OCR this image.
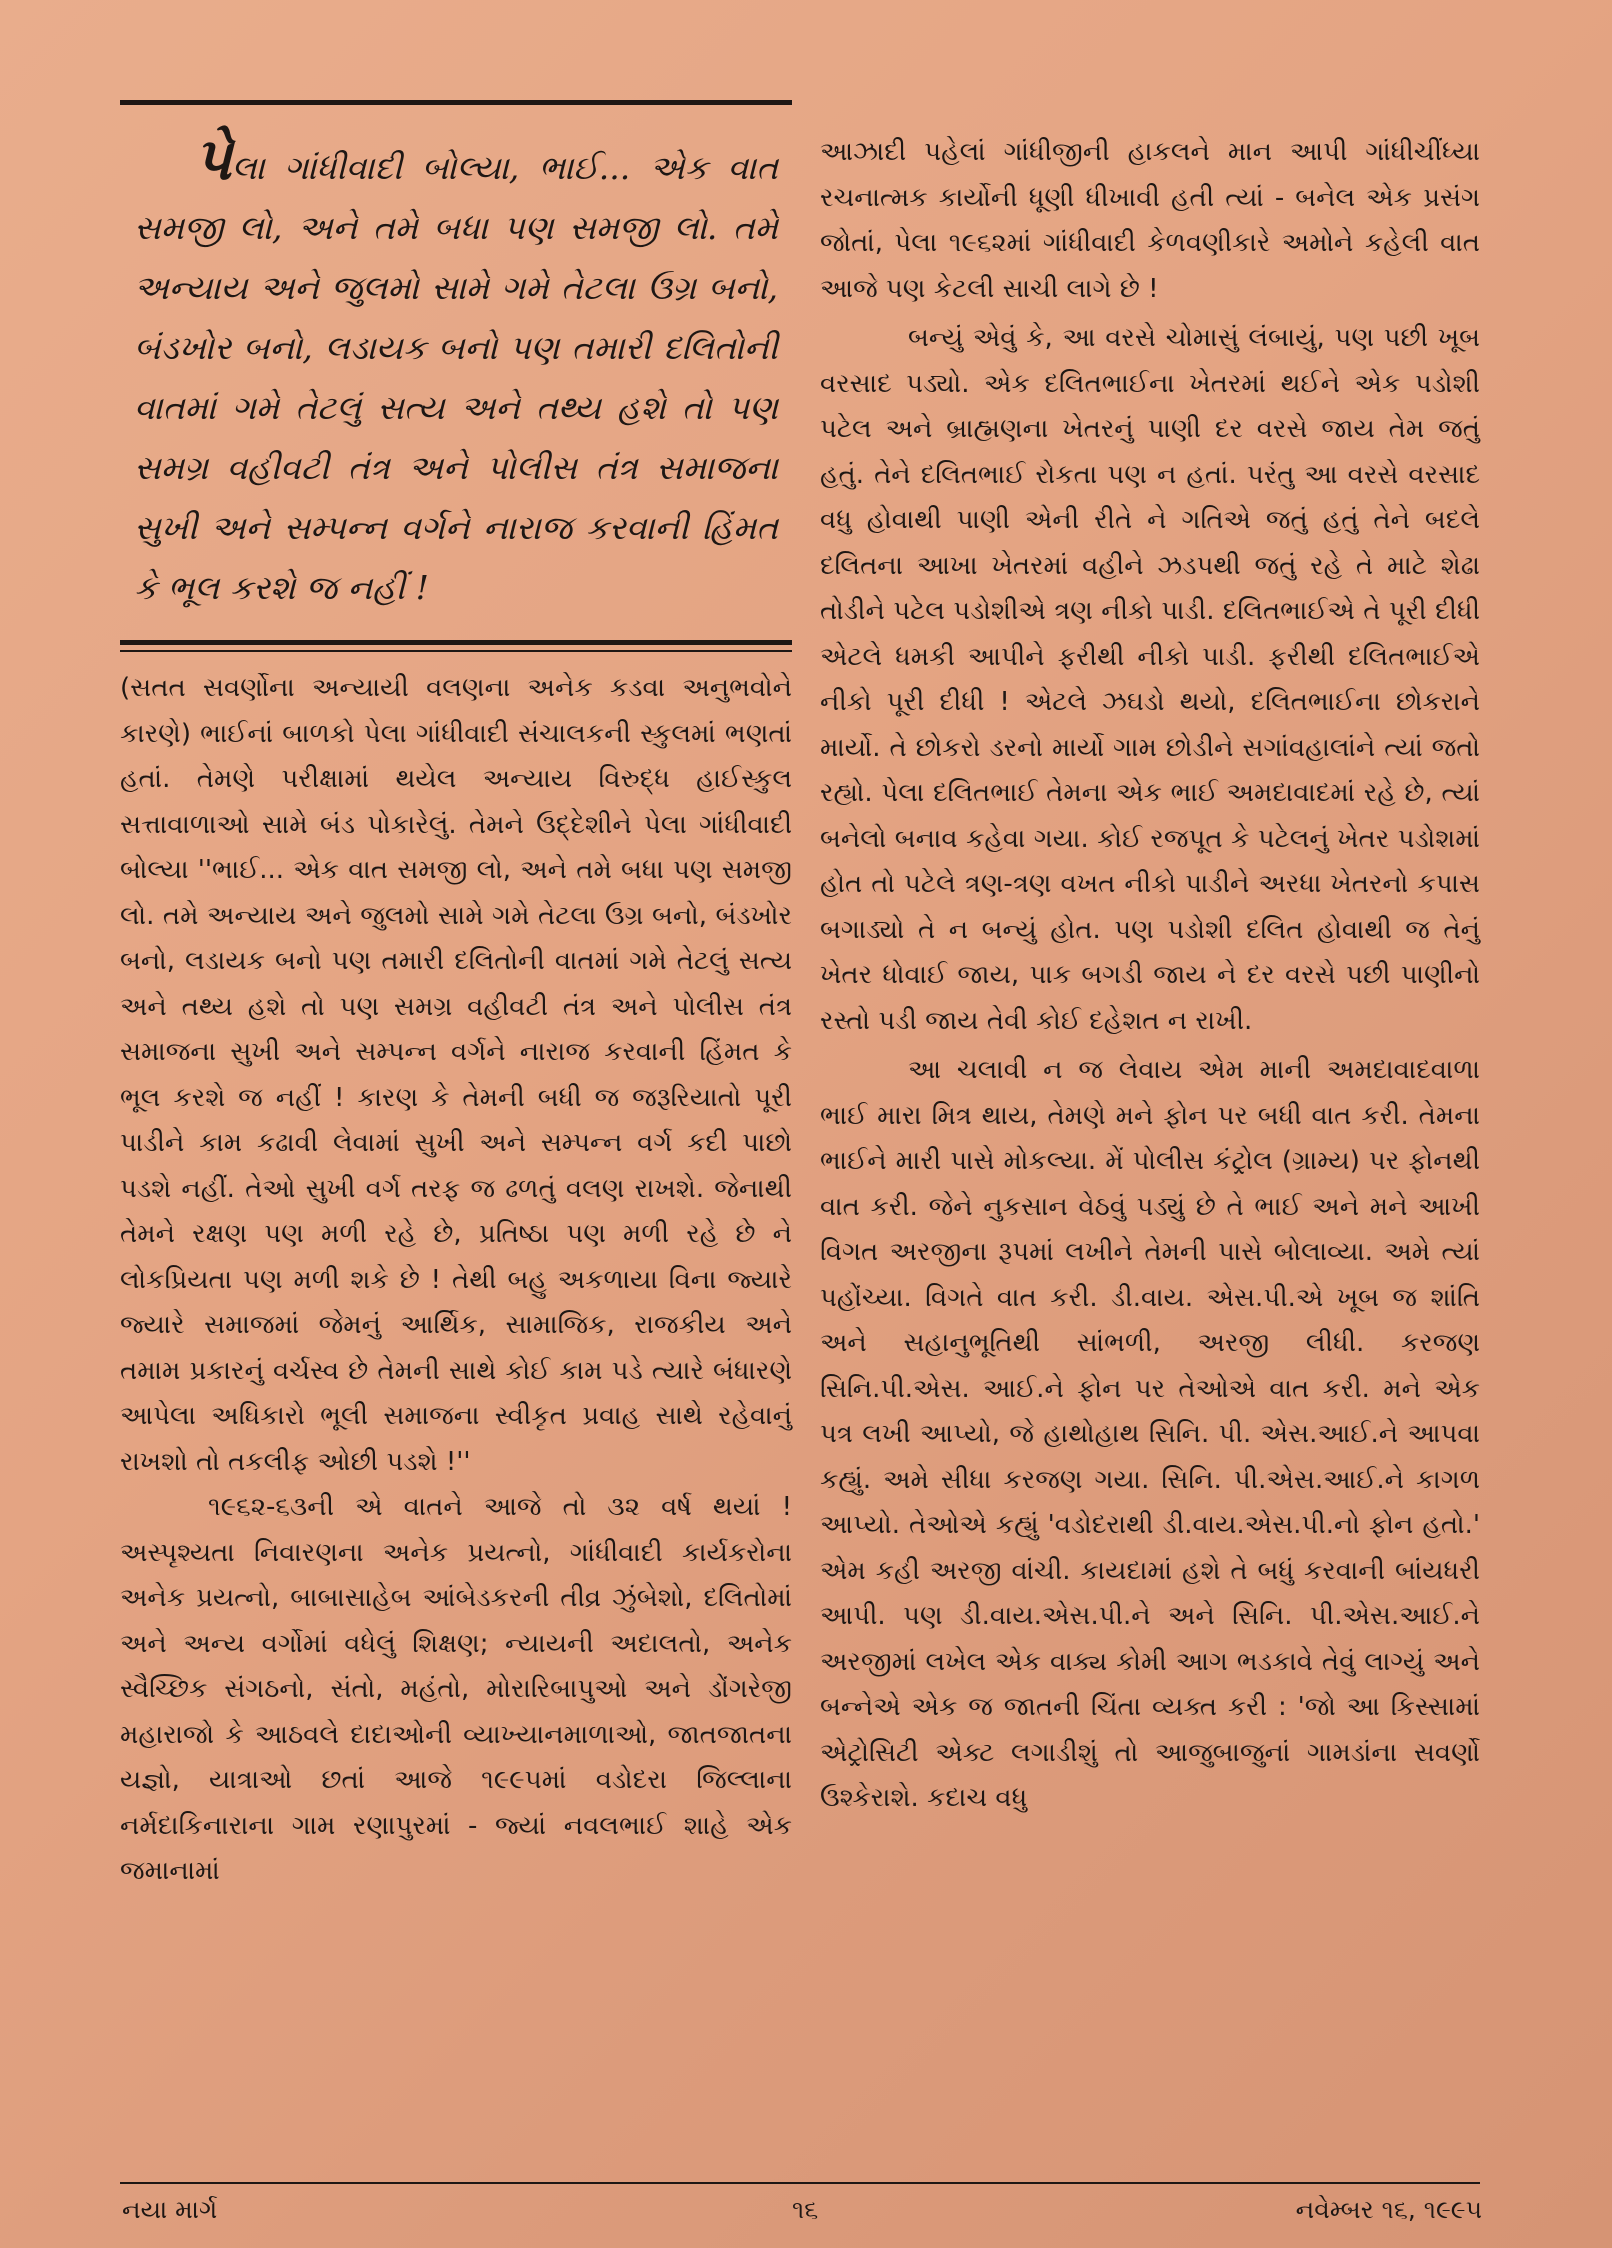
પેલા ગાંધીવાદી બોલ્યા, ભાઈ... એક વાત સમજી લો, અને તમે બધા પણ સમજી લો. તમે અન્યાય અને જુલમો સામે ગમે તેટલા ઉગ્ર બનો, બંડખોર બનો, લડાયક બનો પણ તમારી દલિતોની વાતમાં ગમે તેટલું સત્ય અને તથ્ય હશે તો પણ સમગ્ર વહીવટી તંત્ર અને પોલીસ તંત્ર સમાજના સુખી અને સમ્પન્ન વર્ગને નારાજ કરવાની હિંમત કે ભૂલ કરશે જ નહીં !

(સતત સવર્ણોના અન્યાયી વલણના અનેક કડવા અનુભવોને કારણે) ભાઈનાં બાળકો પેલા ગાંધીવાદી સંચાલકની સ્કુલમાં ભણતાં હતાં. તેમણે પરીક્ષામાં થયેલ અન્યાય વિરુદ્ધ હાઈસ્કુલ સત્તાવાળાઓ સામે બંડ પોકારેલું. તેમને ઉદ્દેશીને પેલા ગાંધીવાદી બોલ્યા ''ભાઈ... એક વાત સમજી લો, અને તમે બધા પણ સમજી લો. તમે અન્યાય અને જુલમો સામે ગમે તેટલા ઉગ્ર બનો, બંડખોર બનો, લડાયક બનો પણ તમારી દલિતોની વાતમાં ગમે તેટલું સત્ય અને તથ્ય હશે તો પણ સમગ્ર વહીવટી તંત્ર અને પોલીસ તંત્ર સમાજના સુખી અને સમ્પન્ન વર્ગને નારાજ કરવાની હિંમત કે ભૂલ કરશે જ નહીં ! કારણ કે તેમની બધી જ જરૂરિયાતો પૂરી પાડીને કામ કઢાવી લેવામાં સુખી અને સમ્પન્ન વર્ગ કદી પાછો પડશે નહીં. તેઓ સુખી વર્ગ તરફ જ ઢળતું વલણ રાખશે. જેનાથી તેમને રક્ષણ પણ મળી રહે છે, પ્રતિષ્ઠા પણ મળી રહે છે ને લોકપ્રિયતા પણ મળી શકે છે ! તેથી બહુ અકળાયા વિના જ્યારે જ્યારે સમાજમાં જેમનું આર્થિક, સામાજિક, રાજકીય અને તમામ પ્રકારનું વર્ચસ્વ છે તેમની સાથે કોઈ કામ પડે ત્યારે બંધારણે આપેલા અધિકારો ભૂલી સમાજના સ્વીકૃત પ્રવાહ સાથે રહેવાનું રાખશો તો તકલીફ ઓછી પડશે !''

૧૯૬૨-૬૩ની એ વાતને આજે તો ૩૨ વર્ષ થયાં ! અસ્પૃશ્યતા નિવારણના અનેક પ્રયત્નો, ગાંધીવાદી કાર્યકરોના અનેક પ્રયત્નો, બાબાસાહેબ આંબેડકરની તીવ્ર ઝુંબેશો, દલિતોમાં અને અન્ય વર્ગોમાં વધેલું શિક્ષણ; ન્યાયની અદાલતો, અનેક સ્વૈચ્છિક સંગઠનો, સંતો, મહંતો, મોરારિબાપુઓ અને ડોંગરેજી મહારાજો કે આઠવલે દાદાઓની વ્યાખ્યાનમાળાઓ, જાતજાતના યજ્ઞો, યાત્રાઓ છતાં આજે ૧૯૯૫માં વડોદરા જિલ્લાના નર્મદાકિનારાના ગામ રણાપુરમાં - જ્યાં નવલભાઈ શાહે એક જમાનામાં

આઝાદી પહેલાં ગાંધીજીની હાકલને માન આપી ગાંધીચીંધ્યા રચનાત્મક કાર્યોની ધૂણી ધીખાવી હતી ત્યાં - બનેલ એક પ્રસંગ જોતાં, પેલા ૧૯૬૨માં ગાંધીવાદી કેળવણીકારે અમોને કહેલી વાત આજે પણ કેટલી સાચી લાગે છે !

બન્યું એવું કે, આ વરસે ચોમાસું લંબાયું, પણ પછી ખૂબ વરસાદ પડ્યો. એક દલિતભાઈના ખેતરમાં થઈને એક પડોશી પટેલ અને બ્રાહ્મણના ખેતરનું પાણી દર વરસે જાય તેમ જતું હતું. તેને દલિતભાઈ રોકતા પણ ન હતાં. પરંતુ આ વરસે વરસાદ વધુ હોવાથી પાણી એની રીતે ને ગતિએ જતું હતું તેને બદલે દલિતના આખા ખેતરમાં વહીને ઝડપથી જતું રહે તે માટે શેઢા તોડીને પટેલ પડોશીએ ત્રણ નીકો પાડી. દલિતભાઈએ તે પૂરી દીધી એટલે ધમકી આપીને ફરીથી નીકો પાડી. ફરીથી દલિતભાઈએ નીકો પૂરી દીધી ! એટલે ઝઘડો થયો, દલિતભાઈના છોકરાને માર્યો. તે છોકરો ડરનો માર્યો ગામ છોડીને સગાંવહાલાંને ત્યાં જતો રહ્યો. પેલા દલિતભાઈ તેમના એક ભાઈ અમદાવાદમાં રહે છે, ત્યાં બનેલો બનાવ કહેવા ગયા. કોઈ રજપૂત કે પટેલનું ખેતર પડોશમાં હોત તો પટેલે ત્રણ-ત્રણ વખત નીકો પાડીને અરધા ખેતરનો કપાસ બગાડ્યો તે ન બન્યું હોત. પણ પડોશી દલિત હોવાથી જ તેનું ખેતર ધોવાઈ જાય, પાક બગડી જાય ને દર વરસે પછી પાણીનો રસ્તો પડી જાય તેવી કોઈ દહેશત ન રાખી.

આ ચલાવી ન જ લેવાય એમ માની અમદાવાદવાળા ભાઈ મારા મિત્ર થાય, તેમણે મને ફોન પર બધી વાત કરી. તેમના ભાઈને મારી પાસે મોકલ્યા. મેં પોલીસ કંટ્રોલ (ગ્રામ્ય) પર ફોનથી વાત કરી. જેને નુકસાન વેઠવું પડ્યું છે તે ભાઈ અને મને આખી વિગત અરજીના રૂપમાં લખીને તેમની પાસે બોલાવ્યા. અમે ત્યાં પહોંચ્યા. વિગતે વાત કરી. ડી.વાય. એસ.પી.એ ખૂબ જ શાંતિ અને સહાનુભૂતિથી સાંભળી, અરજી લીધી. કરજણ સિનિ.પી.એસ. આઈ.ને ફોન પર તેઓએ વાત કરી. મને એક પત્ર લખી આપ્યો, જે હાથોહાથ સિનિ. પી. એસ.આઈ.ને આપવા કહ્યું. અમે સીધા કરજણ ગયા. સિનિ. પી.એસ.આઈ.ને કાગળ આપ્યો. તેઓએ કહ્યું 'વડોદરાથી ડી.વાય.એસ.પી.નો ફોન હતો.' એમ કહી અરજી વાંચી. કાયદામાં હશે તે બધું કરવાની બાંયધરી આપી. પણ ડી.વાય.એસ.પી.ને અને સિનિ. પી.એસ.આઈ.ને અરજીમાં લખેલ એક વાક્ય કોમી આગ ભડકાવે તેવું લાગ્યું અને બન્નેએ એક જ જાતની ચિંતા વ્યક્ત કરી : 'જો આ કિસ્સામાં એટ્રોસિટી એક્ટ લગાડીશું તો આજુબાજુનાં ગામડાંના સવર્ણો ઉશ્કેરાશે. કદાચ વધુ

નયા માર્ગ	૧૬	નવેમ્બર ૧૬, ૧૯૯૫
